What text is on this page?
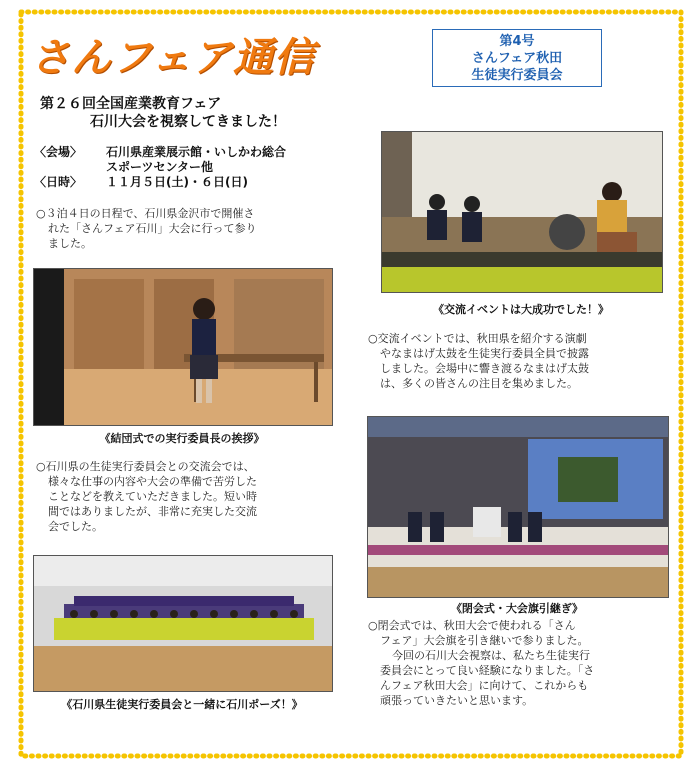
さんフェア通信	第4号
さんフェア秋田
生徒実行委員会
第２６回全国産業教育フェア
石川大会を視察してきました！
〈会場〉	石川県産業展示館・いしかわ総合
スポーツセンター他
〈日時〉	１１月５日(土)・６日(日)
○３泊４日の日程で、石川県金沢市で開催さ
れた「さんフェア石川」大会に行って参り
ました。
《結団式での実行委員長の挨拶》
○石川県の生徒実行委員会との交流会では、
様々な仕事の内容や大会の準備で苦労した
ことなどを教えていただきました。短い時
間ではありましたが、非常に充実した交流
会でした。
《石川県生徒実行委員会と一緒に石川ポーズ！》
《交流イベントは大成功でした！》
○交流イベントでは、秋田県を紹介する演劇
やなまはげ太鼓を生徒実行委員全員で披露
しました。会場中に響き渡るなまはげ太鼓
は、多くの皆さんの注目を集めました。
《閉会式・大会旗引継ぎ》
○閉会式では、秋田大会で使われる「さん
フェア」大会旗を引き継いで参りました。
今回の石川大会視察は、私たち生徒実行
委員会にとって良い経験になりました。「さ
んフェア秋田大会」に向けて、これからも
頑張っていきたいと思います。
